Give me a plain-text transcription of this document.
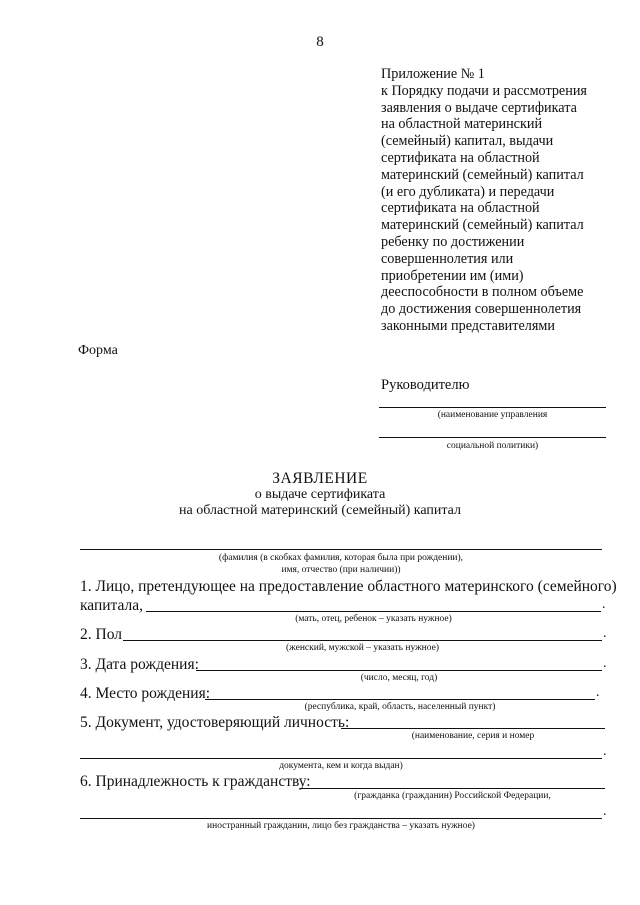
8
Приложение № 1
к Порядку подачи и рассмотрения
заявления о выдаче сертификата
на областной материнский
(семейный) капитал, выдачи
сертификата на областной
материнский (семейный) капитал
(и его дубликата) и передачи
сертификата на областной
материнский (семейный) капитал
ребенку по достижении
совершеннолетия или
приобретении им (ими)
дееспособности в полном объеме
до достижения совершеннолетия
законными представителями
Форма
Руководителю
(наименование управления
социальной политики)
ЗАЯВЛЕНИЕ
о выдаче сертификата
на областной материнский (семейный) капитал
(фамилия (в скобках фамилия, которая была при рождении),
имя, отчество (при наличии))
1. Лицо, претендующее на предоставление областного материнского (семейного)
капитала,	.
(мать, отец, ребенок – указать нужное)
2. Пол	.
(женский, мужской – указать нужное)
3. Дата рождения:	.
(число, месяц, год)
4. Место рождения:	.
(республика, край, область, населенный пункт)
5. Документ, удостоверяющий личность:
(наименование, серия и номер
.
документа, кем и когда выдан)
6. Принадлежность к гражданству:
(гражданка (гражданин) Российской Федерации,
.
иностранный гражданин, лицо без гражданства – указать нужное)
